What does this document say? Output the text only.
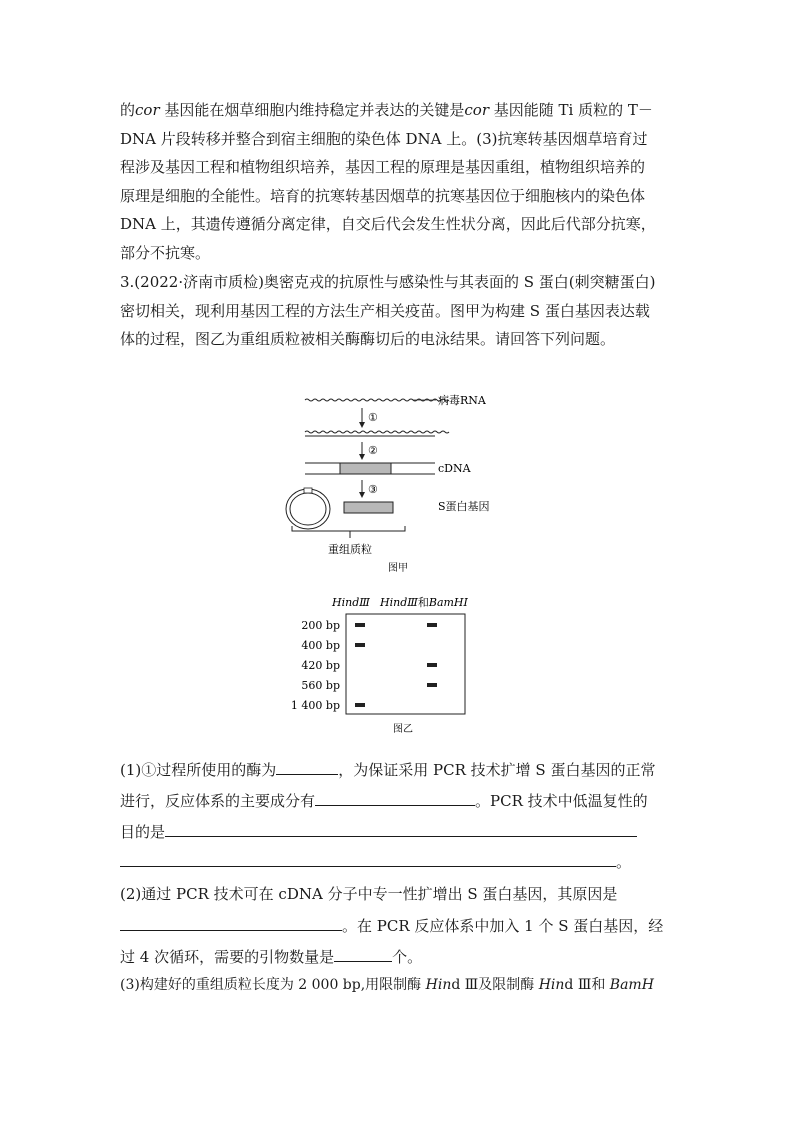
的cor 基因能在烟草细胞内维持稳定并表达的关键是cor 基因能随 Ti 质粒的 T－
DNA 片段转移并整合到宿主细胞的染色体 DNA 上。(3)抗寒转基因烟草培育过
程涉及基因工程和植物组织培养，基因工程的原理是基因重组，植物组织培养的
原理是细胞的全能性。培育的抗寒转基因烟草的抗寒基因位于细胞核内的染色体
DNA 上，其遗传遵循分离定律，自交后代会发生性状分离，因此后代部分抗寒，
部分不抗寒。
3.(2022·济南市质检)奥密克戎的抗原性与感染性与其表面的 S 蛋白(刺突糖蛋白)
密切相关，现利用基因工程的方法生产相关疫苗。图甲为构建 S 蛋白基因表达载
体的过程，图乙为重组质粒被相关酶酶切后的电泳结果。请回答下列问题。
病毒RNA
①
②
cDNA
③
S蛋白基因
重组质粒
图甲
HindⅢ HindⅢ和BamHⅠ
200 bp
400 bp
420 bp
560 bp
1 400 bp
图乙
(1)①过程所使用的酶为	，为保证采用 PCR 技术扩增 S 蛋白基因的正常
进行，反应体系的主要成分有	。PCR 技术中低温复性的
目的是
。
(2)通过 PCR 技术可在 cDNA 分子中专一性扩增出 S 蛋白基因，其原因是
。在 PCR 反应体系中加入 1 个 S 蛋白基因，经
过 4 次循环，需要的引物数量是	个。
(3)构建好的重组质粒长度为 2 000 bp,用限制酶 Hind Ⅲ及限制酶 Hind Ⅲ和 BamH
